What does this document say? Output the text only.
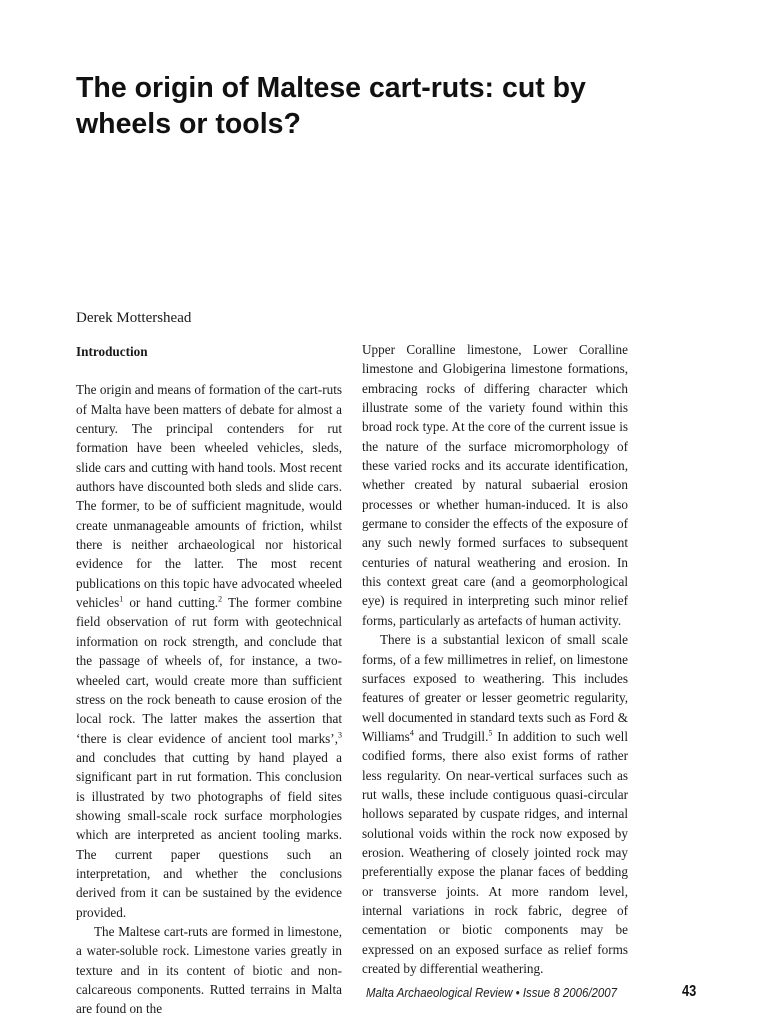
The origin of Maltese cart-ruts: cut by wheels or tools?

Derek Mottershead

Introduction

The origin and means of formation of the cart-ruts of Malta have been matters of debate for almost a century. The principal contenders for rut formation have been wheeled vehicles, sleds, slide cars and cutting with hand tools. Most recent authors have discounted both sleds and slide cars. The former, to be of sufficient magnitude, would create unmanageable amounts of friction, whilst there is neither archaeological nor historical evidence for the latter. The most recent publications on this topic have advocated wheeled vehicles$^1$ or hand cutting.$^2$ The former combine field observation of rut form with geotechnical information on rock strength, and conclude that the passage of wheels of, for instance, a two-wheeled cart, would create more than sufficient stress on the rock beneath to cause erosion of the local rock. The latter makes the assertion that ‘there is clear evidence of ancient tool marks’,$^3$ and concludes that cutting by hand played a significant part in rut formation. This conclusion is illustrated by two photographs of field sites showing small-scale rock surface morphologies which are interpreted as ancient tooling marks. The current paper questions such an interpretation, and whether the conclusions derived from it can be sustained by the evidence provided.

The Maltese cart-ruts are formed in limestone, a water-soluble rock. Limestone varies greatly in texture and in its content of biotic and non-calcareous components. Rutted terrains in Malta are found on the

Upper Coralline limestone, Lower Coralline limestone and Globigerina limestone formations, embracing rocks of differing character which illustrate some of the variety found within this broad rock type. At the core of the current issue is the nature of the surface micromorphology of these varied rocks and its accurate identification, whether created by natural subaerial erosion processes or whether human-induced. It is also germane to consider the effects of the exposure of any such newly formed surfaces to subsequent centuries of natural weathering and erosion. In this context great care (and a geomorphological eye) is required in interpreting such minor relief forms, particularly as artefacts of human activity.

There is a substantial lexicon of small scale forms, of a few millimetres in relief, on limestone surfaces exposed to weathering. This includes features of greater or lesser geometric regularity, well documented in standard texts such as Ford & Williams$^4$ and Trudgill.$^5$ In addition to such well codified forms, there also exist forms of rather less regularity. On near-vertical surfaces such as rut walls, these include contiguous quasi-circular hollows separated by cuspate ridges, and internal solutional voids within the rock now exposed by erosion. Weathering of closely jointed rock may preferentially expose the planar faces of bedding or transverse joints. At more random level, internal variations in rock fabric, degree of cementation or biotic components may be expressed on an exposed surface as relief forms created by differential weathering.

Malta Archaeological Review • Issue 8 2006/2007	43
